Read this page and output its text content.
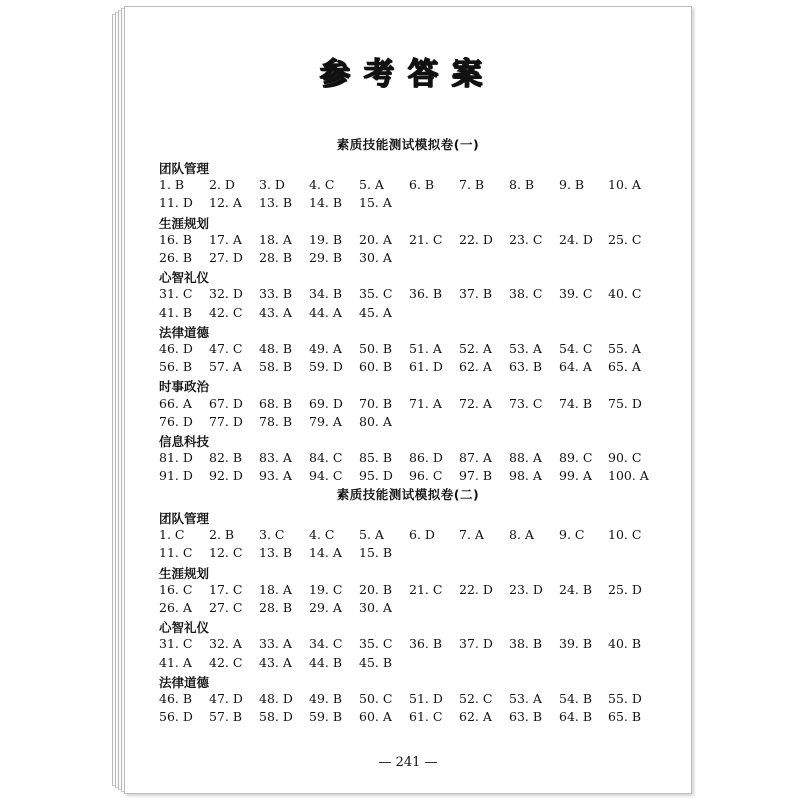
参考答案
— 241 —
素质技能测试模拟卷(一)
团队管理
1. B 2. D 3. D 4. C 5. A 6. B 7. B 8. B 9. B 10. A
11. D 12. A 13. B 14. B 15. A
生涯规划
16. B 17. A 18. A 19. B 20. A 21. C 22. D 23. C 24. D 25. C
26. B 27. D 28. B 29. B 30. A
心智礼仪
31. C 32. D 33. B 34. B 35. C 36. B 37. B 38. C 39. C 40. C
41. B 42. C 43. A 44. A 45. A
法律道德
46. D 47. C 48. B 49. A 50. B 51. A 52. A 53. A 54. C 55. A
56. B 57. A 58. B 59. D 60. B 61. D 62. A 63. B 64. A 65. A
时事政治
66. A 67. D 68. B 69. D 70. B 71. A 72. A 73. C 74. B 75. D
76. D 77. D 78. B 79. A 80. A
信息科技
81. D 82. B 83. A 84. C 85. B 86. D 87. A 88. A 89. C 90. C
91. D 92. D 93. A 94. C 95. D 96. C 97. B 98. A 99. A 100. A
素质技能测试模拟卷(二)
团队管理
1. C 2. B 3. C 4. C 5. A 6. D 7. A 8. A 9. C 10. C
11. C 12. C 13. B 14. A 15. B
生涯规划
16. C 17. C 18. A 19. C 20. B 21. C 22. D 23. D 24. B 25. D
26. A 27. C 28. B 29. A 30. A
心智礼仪
31. C 32. A 33. A 34. C 35. C 36. B 37. D 38. B 39. B 40. B
41. A 42. C 43. A 44. B 45. B
法律道德
46. B 47. D 48. D 49. B 50. C 51. D 52. C 53. A 54. B 55. D
56. D 57. B 58. D 59. B 60. A 61. C 62. A 63. B 64. B 65. B
